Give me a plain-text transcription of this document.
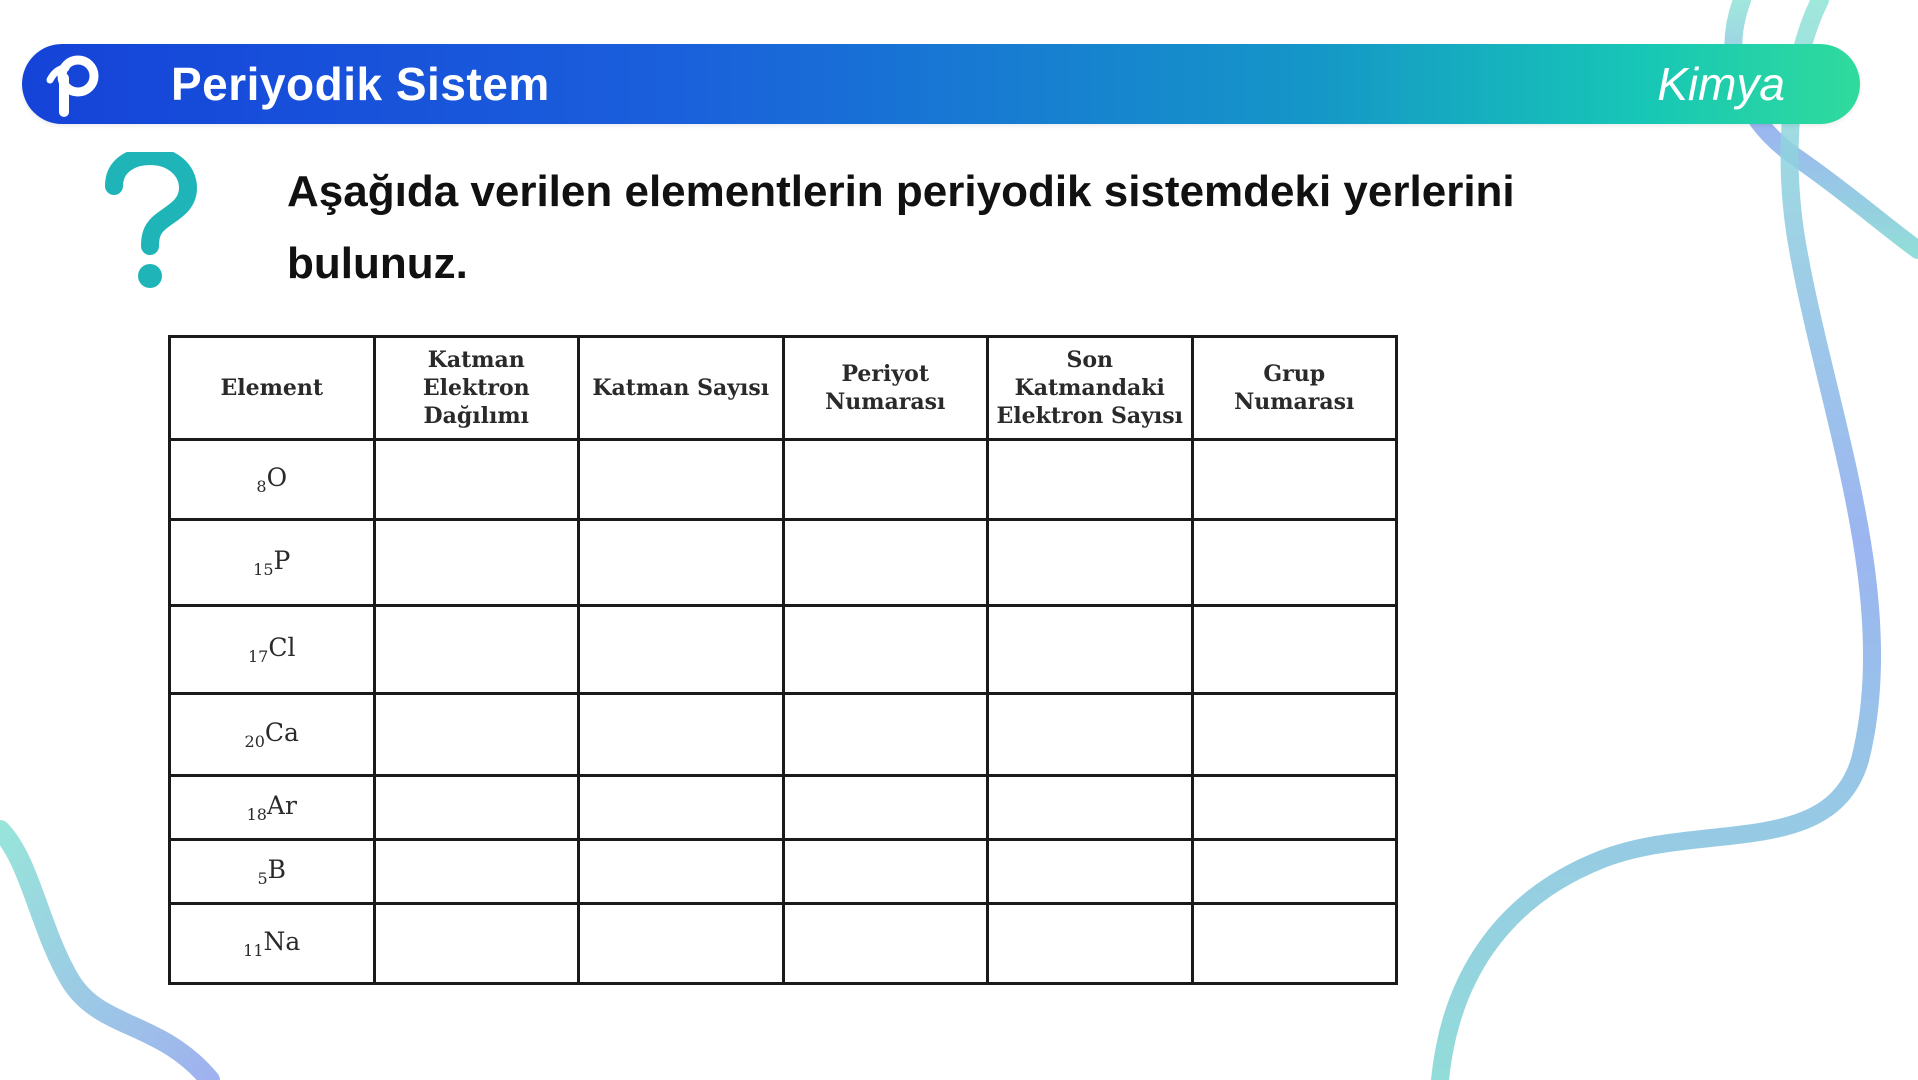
Periyodik Sistem	Kimya
Aşağıda verilen elementlerin periyodik sistemdeki yerlerini bulunuz.
Element	Katman Elektron Dağılımı	Katman Sayısı	Periyot Numarası	Son Katmandaki Elektron Sayısı	Grup Numarası
$_8$O					
$_{15}$P					
$_{17}$Cl					
$_{20}$Ca					
$_{18}$Ar					
$_5$B					
$_{11}$Na					
